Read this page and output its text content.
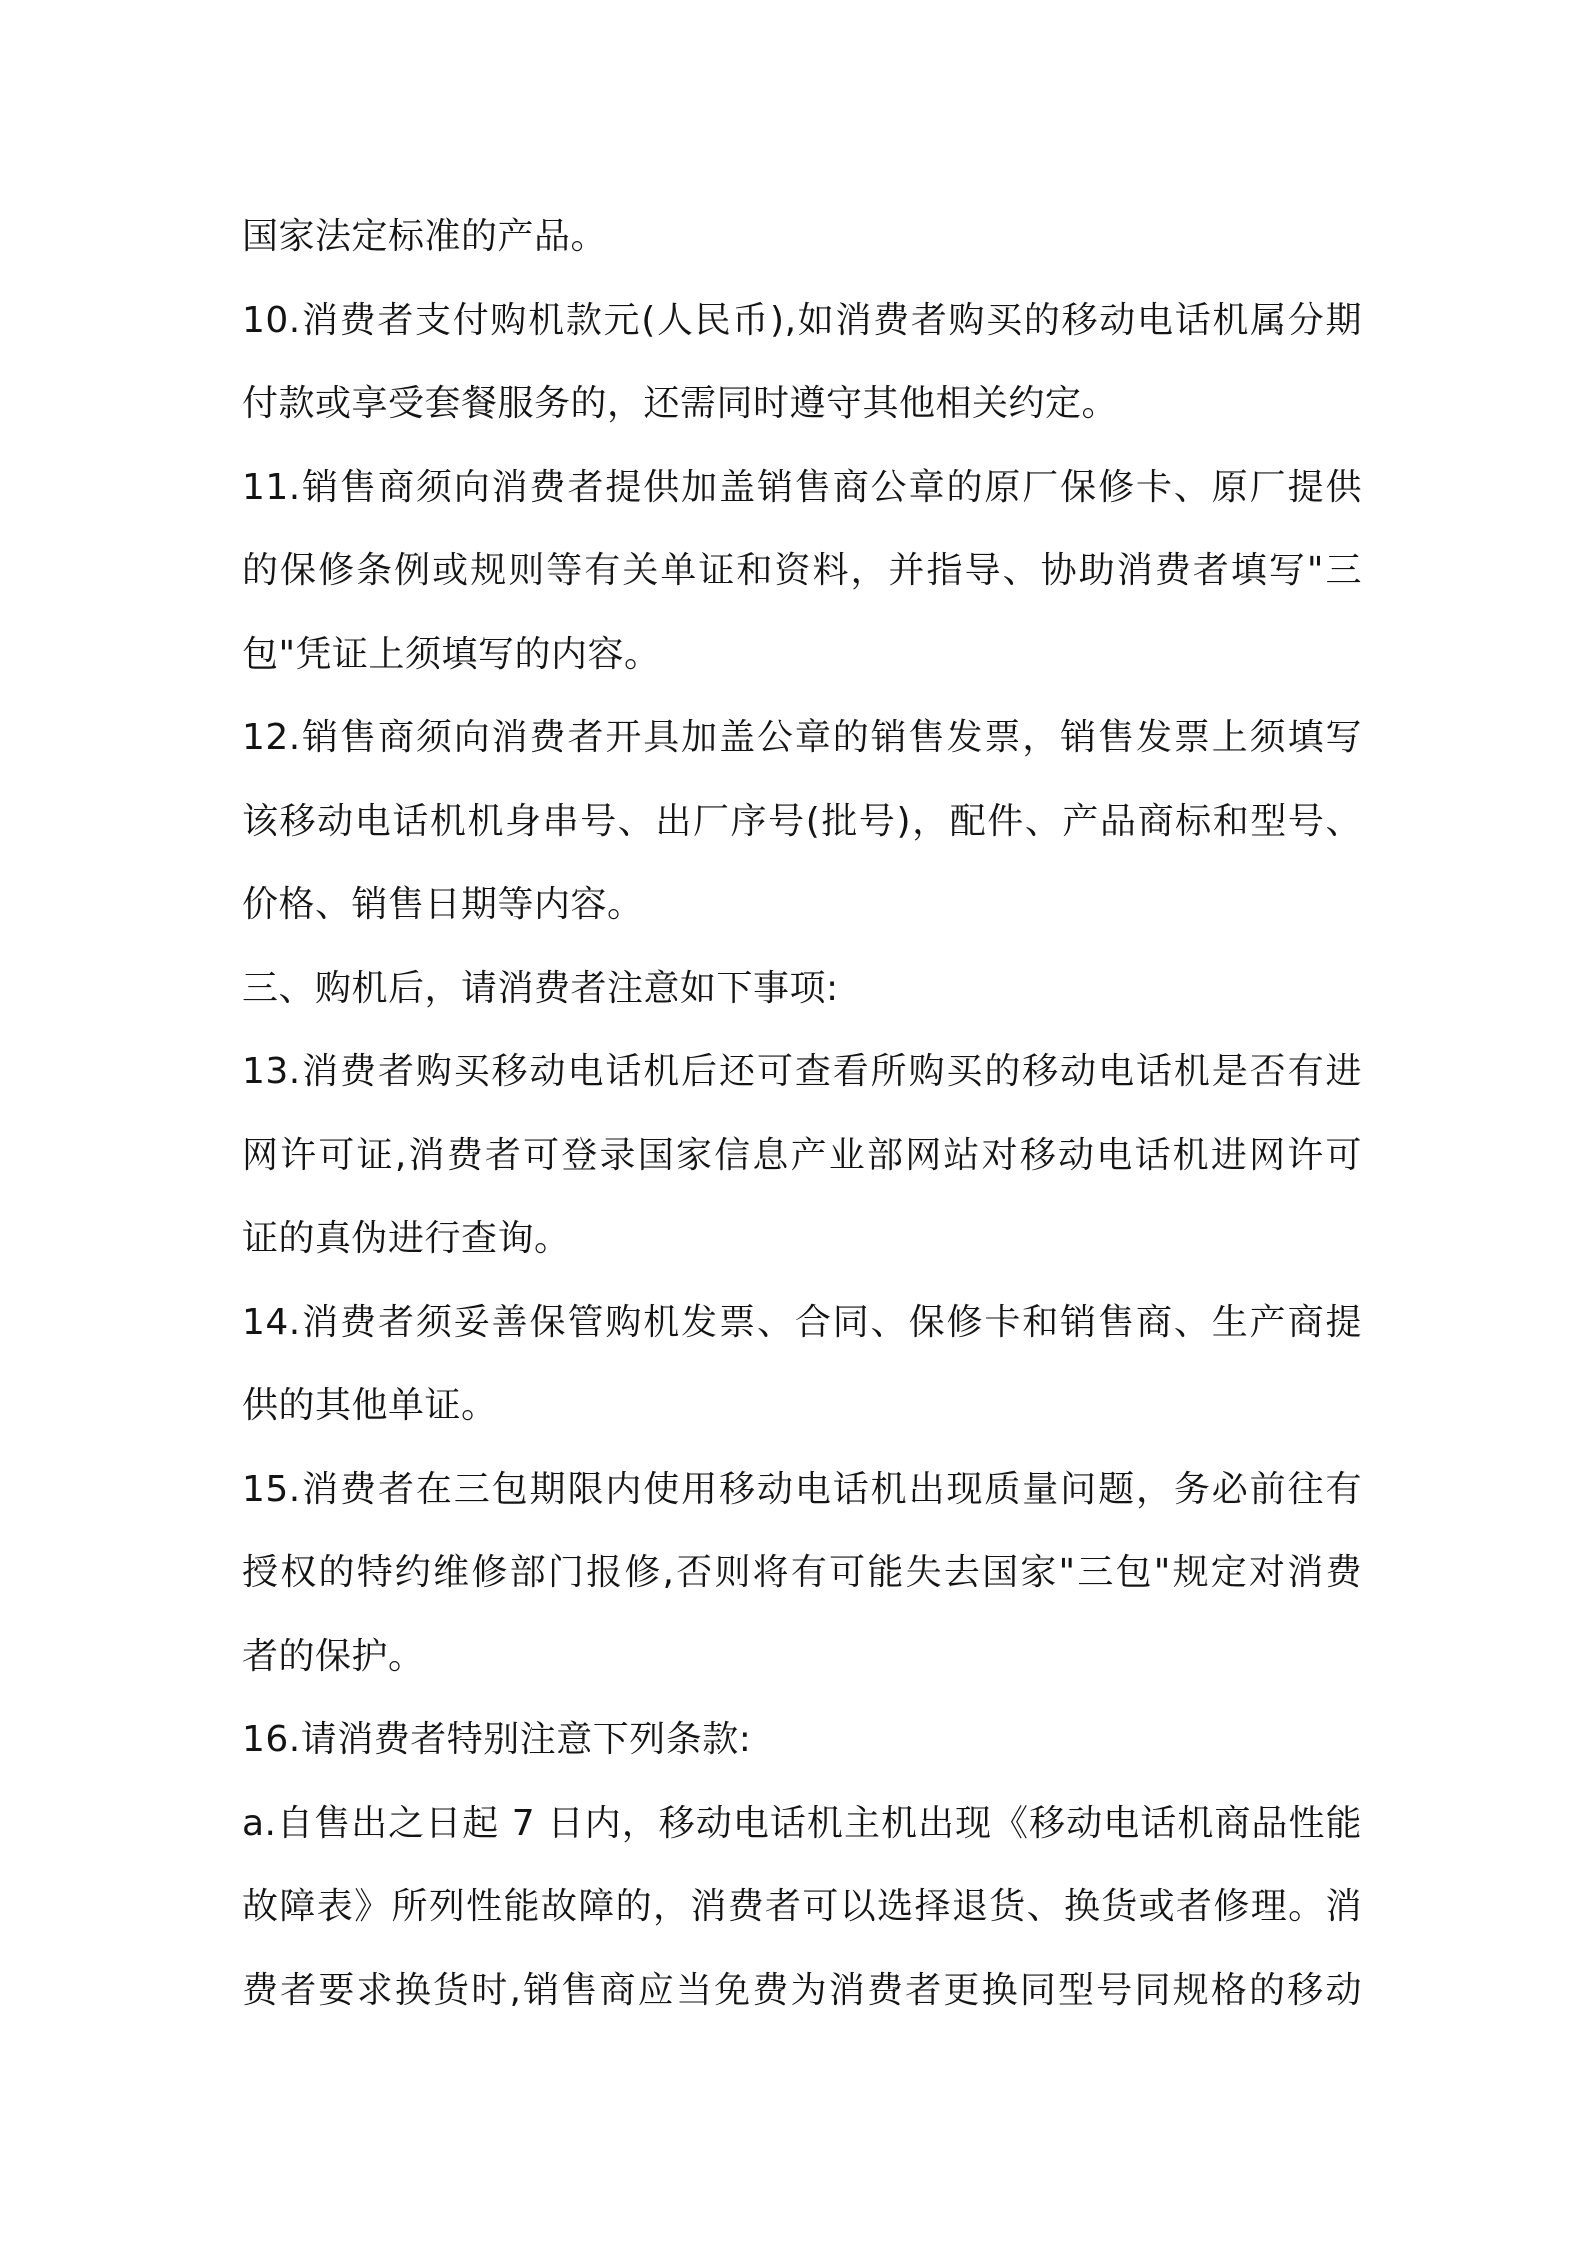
国家法定标准的产品。
10.消费者支付购机款元(人民币),如消费者购买的移动电话机属分期
付款或享受套餐服务的，还需同时遵守其他相关约定。
11.销售商须向消费者提供加盖销售商公章的原厂保修卡、原厂提供
的保修条例或规则等有关单证和资料，并指导、协助消费者填写"三
包"凭证上须填写的内容。
12.销售商须向消费者开具加盖公章的销售发票，销售发票上须填写
该移动电话机机身串号、出厂序号(批号)，配件、产品商标和型号、
价格、销售日期等内容。
三、购机后，请消费者注意如下事项:
13.消费者购买移动电话机后还可查看所购买的移动电话机是否有进
网许可证,消费者可登录国家信息产业部网站对移动电话机进网许可
证的真伪进行查询。
14.消费者须妥善保管购机发票、合同、保修卡和销售商、生产商提
供的其他单证。
15.消费者在三包期限内使用移动电话机出现质量问题，务必前往有
授权的特约维修部门报修,否则将有可能失去国家"三包"规定对消费
者的保护。
16.请消费者特别注意下列条款:
a.自售出之日起 7 日内，移动电话机主机出现《移动电话机商品性能
故障表》所列性能故障的，消费者可以选择退货、换货或者修理。消
费者要求换货时,销售商应当免费为消费者更换同型号同规格的移动
